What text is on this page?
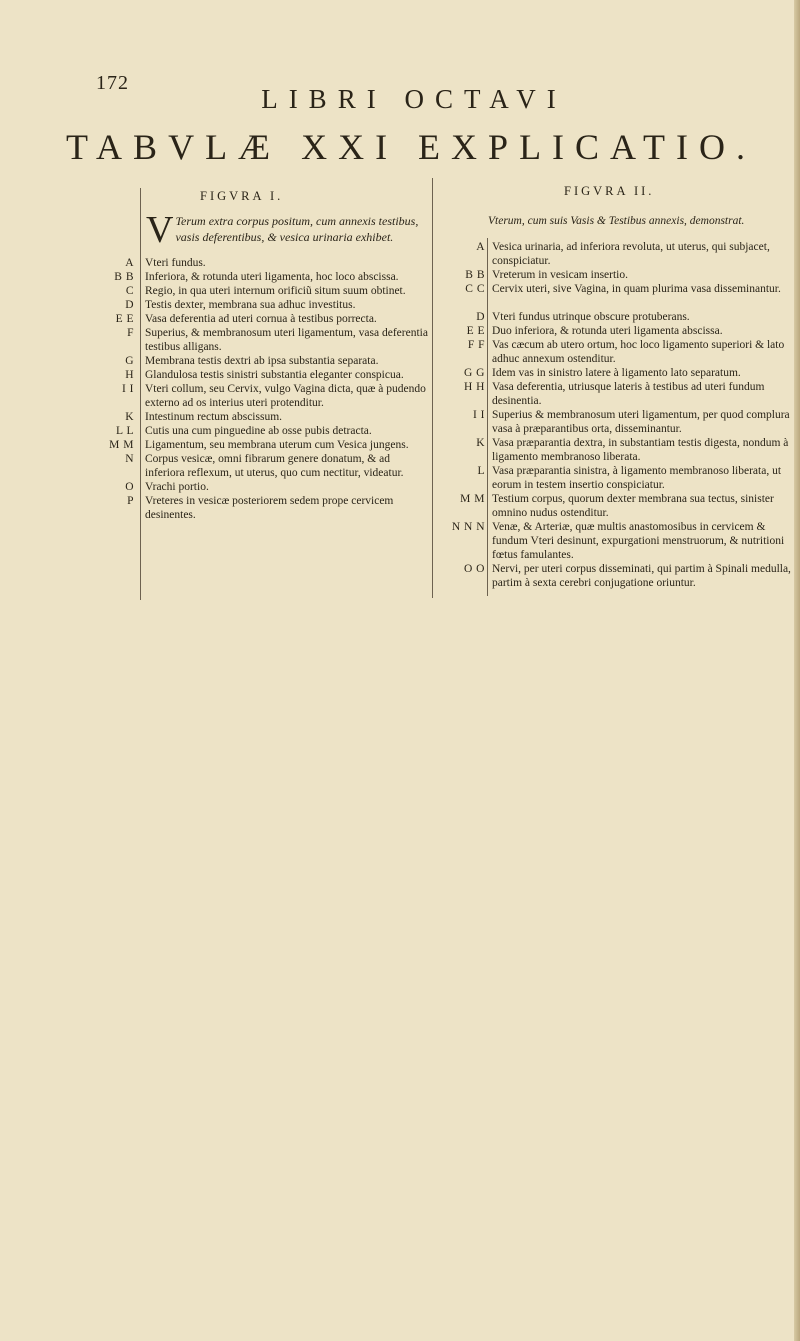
172
LIBRI OCTAVI
TABVLÆ XXI EXPLICATIO.
FIGVRA I.
V Terum extra corpus positum, cum annexis testibus, vasis deferentibus, & vesica urinaria exhibet.
A Vteri fundus.
B B Inferiora, & rotunda uteri ligamenta, hoc loco abscissa.
C Regio, in qua uteri internum orificiũ situm suum obtinet.
D Testis dexter, membrana sua adhuc investitus.
E E Vasa deferentia ad uteri cornua à testibus porrecta.
F Superius, & membranosum uteri ligamentum, vasa deferentia testibus alligans.
G Membrana testis dextri ab ipsa substantia separata.
H Glandulosa testis sinistri substantia eleganter conspicua.
I I Vteri collum, seu Cervix, vulgo Vagina dicta, quæ à pudendo externo ad os interius uteri protenditur.
K Intestinum rectum abscissum.
L L Cutis una cum pinguedine ab osse pubis detracta.
M M Ligamentum, seu membrana uterum cum Vesica jungens.
N Corpus vesicæ, omni fibrarum genere donatum, & ad inferiora reflexum, ut uterus, quo cum nectitur, videatur.
O Vrachi portio.
P Vreteres in vesicæ posteriorem sedem prope cervicem desinentes.
FIGVRA II.
Vterum, cum suis Vasis & Testibus annexis, demonstrat.
A Vesica urinaria, ad inferiora revoluta, ut uterus, qui subjacet, conspiciatur.
B B Vreterum in vesicam insertio.
C C Cervix uteri, sive Vagina, in quam plurima vasa disseminantur.
D Vteri fundus utrinque obscure protuberans.
E E Duo inferiora, & rotunda uteri ligamenta abscissa.
F F Vas cæcum ab utero ortum, hoc loco ligamento superiori & lato adhuc annexum ostenditur.
G G Idem vas in sinistro latere à ligamento lato separatum.
H H Vasa deferentia, utriusque lateris à testibus ad uteri fundum desinentia.
I I Superius & membranosum uteri ligamentum, per quod complura vasa à præparantibus orta, disseminantur.
K Vasa præparantia dextra, in substantiam testis digesta, nondum à ligamento membranoso liberata.
L Vasa præparantia sinistra, à ligamento membranoso liberata, ut eorum in testem insertio conspiciatur.
M M Testium corpus, quorum dexter membrana sua tectus, sinister omnino nudus ostenditur.
N N N Venæ, & Arteriæ, quæ multis anastomosibus in cervicem & fundum Vteri desinunt, expurgationi menstruorum, & nutritioni fœtus famulantes.
O O Nervi, per uteri corpus disseminati, qui partim à Spinali medulla, partim à sexta cerebri conjugatione oriuntur.
